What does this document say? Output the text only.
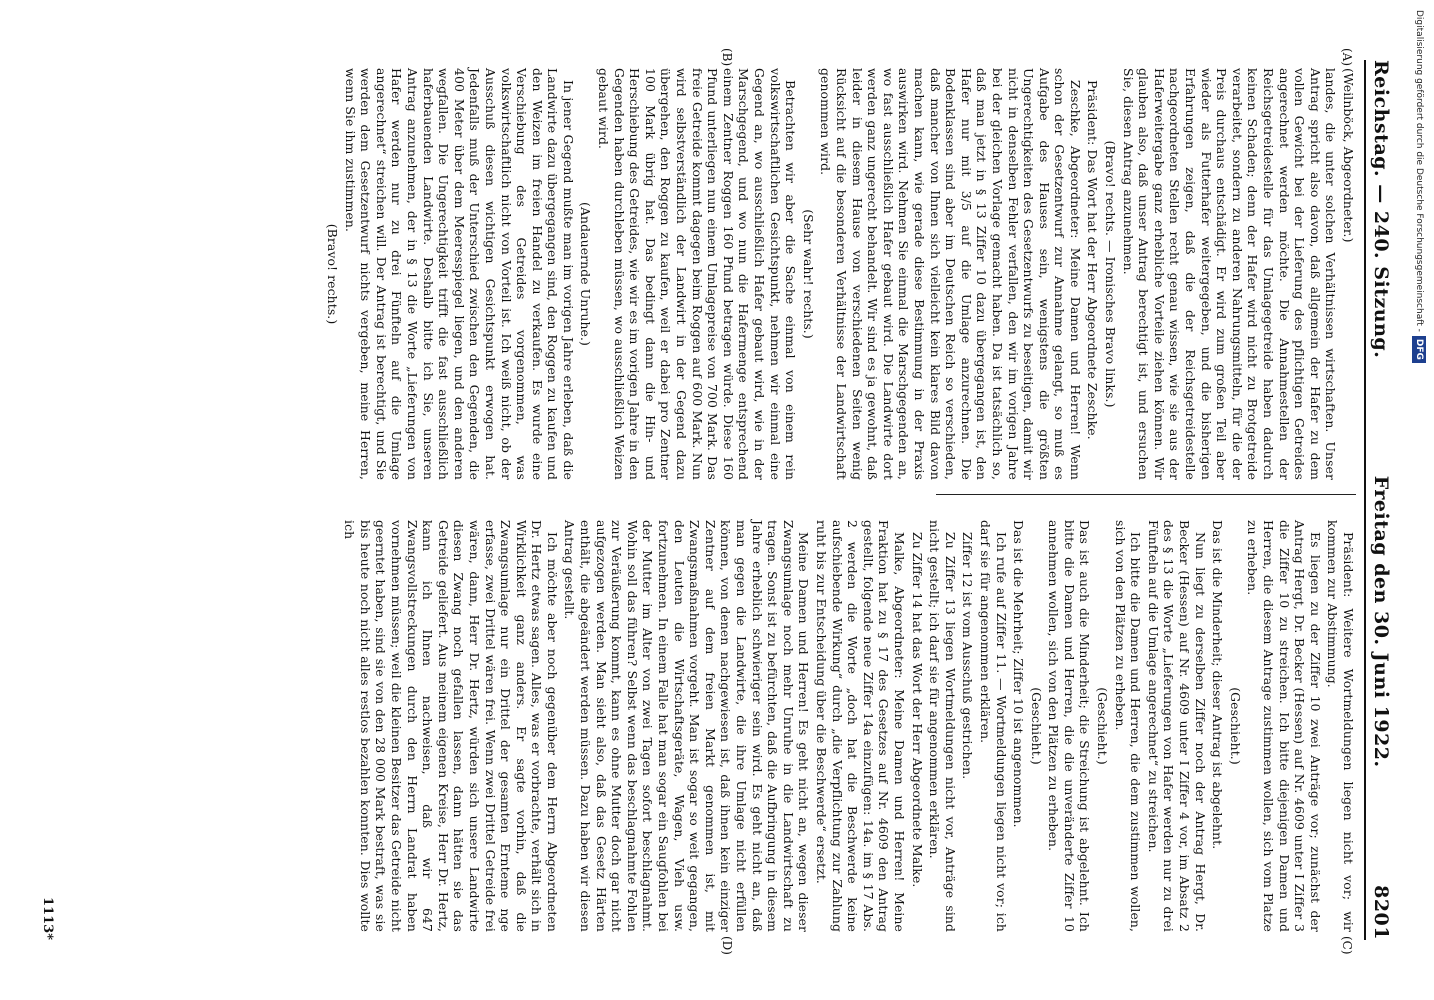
Reichstag. — 240. Sitzung.
Freitag den 30. Juni 1922.
8201
(A)
(B)
(C)
(D)

(Weilnböck, Abgeordneter.)

landes, die unter solchen Verhältnissen wirtschaften. Unser Antrag spricht also davon, daß allgemein der Hafer zu dem vollen Gewicht bei der Lieferung des pflichtigen Getreides angerechnet werden möchte. Die Annahmestellen der Reichsgetreidestelle für das Umlagegetreide haben dadurch keinen Schaden; denn der Hafer wird nicht zu Brotgetreide verarbeitet, sondern zu anderen Nahrungsmitteln, für die der Preis durchaus entschädigt. Er wird zum großen Teil aber wieder als Futterhafer weitergegeben, und die bisherigen Erfahrungen zeigen, daß die der Reichsgetreidestelle nachgeordneten Stellen recht genau wissen, wie sie aus der Haferweitergabe ganz erhebliche Vorteile ziehen können. Wir glauben also, daß unser Antrag berechtigt ist, und ersuchen Sie, diesen Antrag anzunehmen.

(Bravo! rechts. — Ironisches Bravo links.)

Präsident: Das Wort hat der Herr Abgeordnete Zeschke.

Zeschke, Abgeordneter: Meine Damen und Herren! Wenn schon der Gesetzentwurf zur Annahme gelangt, so muß es Aufgabe des Hauses sein, wenigstens die größten Ungerechtigkeiten des Gesetzentwurfs zu beseitigen, damit wir nicht in denselben Fehler verfallen, den wir im vorigen Jahre bei der gleichen Vorlage gemacht haben. Da ist tatsächlich so, daß man jetzt in § 13 Ziffer 10 dazu übergegangen ist, den Hafer nur mit 3/5 auf die Umlage anzurechnen. Die Bodenklassen sind aber im Deutschen Reich so verschieden, daß mancher von Ihnen sich vielleicht kein klares Bild davon machen kann, wie gerade diese Bestimmung in der Praxis auswirken wird. Nehmen Sie einmal die Marschgegenden an, wo fast ausschließlich Hafer gebaut wird. Die Landwirte dort werden ganz ungerecht behandelt. Wir sind es ja gewohnt, daß leider in diesem Hause von verschiedenen Seiten wenig Rücksicht auf die besonderen Verhältnisse der Landwirtschaft genommen wird.

(Sehr wahr! rechts.)

Betrachten wir aber die Sache einmal von einem rein volkswirtschaftlichen Gesichtspunkt, nehmen wir einmal eine Gegend an, wo ausschließlich Hafer gebaut wird, wie in der Marschgegend, und wo nun die Hafermenge entsprechend einem Zentner Roggen 160 Pfund betragen würde. Diese 160 Pfund unterliegen nun einem Umlagepreise von 700 Mark. Das freie Getreide kommt dagegen beim Roggen auf 600 Mark. Nun wird selbstverständlich der Landwirt in der Gegend dazu übergehen, den Roggen zu kaufen, weil er dabei pro Zentner 100 Mark übrig hat. Das bedingt dann die Hin- und Herschiebung des Getreides, wie wir es im vorigen Jahre in den Gegenden haben durchleben müssen, wo ausschließlich Weizen gebaut wird.

(Andauernde Unruhe.)

In jener Gegend mußte man im vorigen Jahre erleben, daß die Landwirte dazu übergegangen sind, den Roggen zu kaufen und den Weizen im freien Handel zu verkaufen. Es wurde eine Verschiebung des Getreides vorgenommen, was volkswirtschaftlich nicht von Vorteil ist. Ich weiß nicht, ob der Ausschuß diesen wichtigen Gesichtspunkt erwogen hat. Jedenfalls muß der Unterschied zwischen den Gegenden, die 400 Meter über dem Meeresspiegel liegen, und den anderen wegfallen. Die Ungerechtigkeit trifft die fast ausschließlich haferbauenden Landwirte. Deshalb bitte ich Sie, unseren Antrag anzunehmen, der in § 13 die Worte „Lieferungen von Hafer werden nur zu drei Fünfteln auf die Umlage angerechnet“ streichen will. Der Antrag ist berechtigt, und Sie werden dem Gesetzentwurf nichts vergeben, meine Herren, wenn Sie ihm zustimmen.

(Bravo! rechts.)

Präsident: Weitere Wortmeldungen liegen nicht vor; wir kommen zur Abstimmung.

Es liegen zu der Ziffer 10 zwei Anträge vor; zunächst der Antrag Hergt, Dr. Becker (Hessen) auf Nr. 4609 unter I Ziffer 3 die Ziffer 10 zu streichen. Ich bitte diejenigen Damen und Herren, die diesem Antrage zustimmen wollen, sich vom Platze zu erheben.

(Geschieht.)

Das ist die Minderheit; dieser Antrag ist abgelehnt.

Nun liegt zu derselben Ziffer noch der Antrag Hergt, Dr. Becker (Hessen) auf Nr. 4609 unter I Ziffer 4 vor, im Absatz 2 des § 13 die Worte „Lieferungen von Hafer werden nur zu drei Fünfteln auf die Umlage angerechnet“ zu streichen.

Ich bitte die Damen und Herren, die dem zustimmen wollen, sich von den Plätzen zu erheben.

(Geschieht.)

Das ist auch die Minderheit; die Streichung ist abgelehnt. Ich bitte die Damen und Herren, die die unveränderte Ziffer 10 annehmen wollen, sich von den Plätzen zu erheben.

(Geschieht.)

Das ist die Mehrheit; Ziffer 10 ist angenommen.

Ich rufe auf Ziffer 11. — Wortmeldungen liegen nicht vor; ich darf sie für angenommen erklären.

Ziffer 12 ist vom Ausschuß gestrichen.

Zu Ziffer 13 liegen Wortmeldungen nicht vor, Anträge sind nicht gestellt; ich darf sie für angenommen erklären.

Zu Ziffer 14 hat das Wort der Herr Abgeordnete Malke.

Malke, Abgeordneter: Meine Damen und Herren! Meine Fraktion hat zu § 17 des Gesetzes auf Nr. 4609 den Antrag gestellt, folgende neue Ziffer 14a einzufügen: 14a. im § 17 Abs. 2 werden die Worte „doch hat die Beschwerde keine aufschiebende Wirkung“ durch „die Verpflichtung zur Zahlung ruht bis zur Entscheidung über die Beschwerde“ ersetzt.

Meine Damen und Herren! Es geht nicht an, wegen dieser Zwangsumlage noch mehr Unruhe in die Landwirtschaft zu tragen. Sonst ist zu befürchten, daß die Aufbringung in diesem Jahre erheblich schwieriger sein wird. Es geht nicht an, daß man gegen die Landwirte, die ihre Umlage nicht erfüllen können, von denen nachgewiesen ist, daß ihnen kein einziger Zentner auf dem freien Markt genommen ist, mit Zwangsmaßnahmen vorgeht. Man ist sogar so weit gegangen, den Leuten die Wirtschaftsgeräte, Wagen, Vieh usw. fortzunehmen. In einem Falle hat man sogar ein Saugfohlen bei der Mutter im Alter von zwei Tagen sofort beschlagnahmt. Wohin soll das führen? Selbst wenn das beschlagnahmte Fohlen zur Veräußerung kommt, kann es ohne Mutter doch gar nicht aufgezogen werden. Man sieht also, daß das Gesetz Härten enthält, die abgeändert werden müssen. Dazu haben wir diesen Antrag gestellt.

Ich möchte aber noch gegenüber dem Herrn Abgeordneten Dr. Hertz etwas sagen. Alles, was er vorbrachte, verhält sich in Wirklichkeit ganz anders. Er sagte vorhin, daß die Zwangsumlage nur ein Drittel der gesamten Ernteme nge erfasse, zwei Drittel wären frei. Wenn zwei Drittel Getreide frei wären, dann, Herr Dr. Hertz, würden sich unsere Landwirte diesen Zwang noch gefallen lassen, dann hätten sie das Getreide geliefert. Aus meinem eigenen Kreise, Herr Dr. Hertz, kann ich Ihnen nachweisen, daß wir 647 Zwangsvollstreckungen durch den Herrn Landrat haben vornehmen müssen; weil die kleinen Besitzer das Getreide nicht geerntet haben, sind sie von den 28 000 Mark bestraft, was sie bis heute noch nicht alles restlos bezahlen konnten. Dies wollte ich

1113*
Digitalisierung gefördert durch die Deutsche Forschungsgemeinschaft -DFG
